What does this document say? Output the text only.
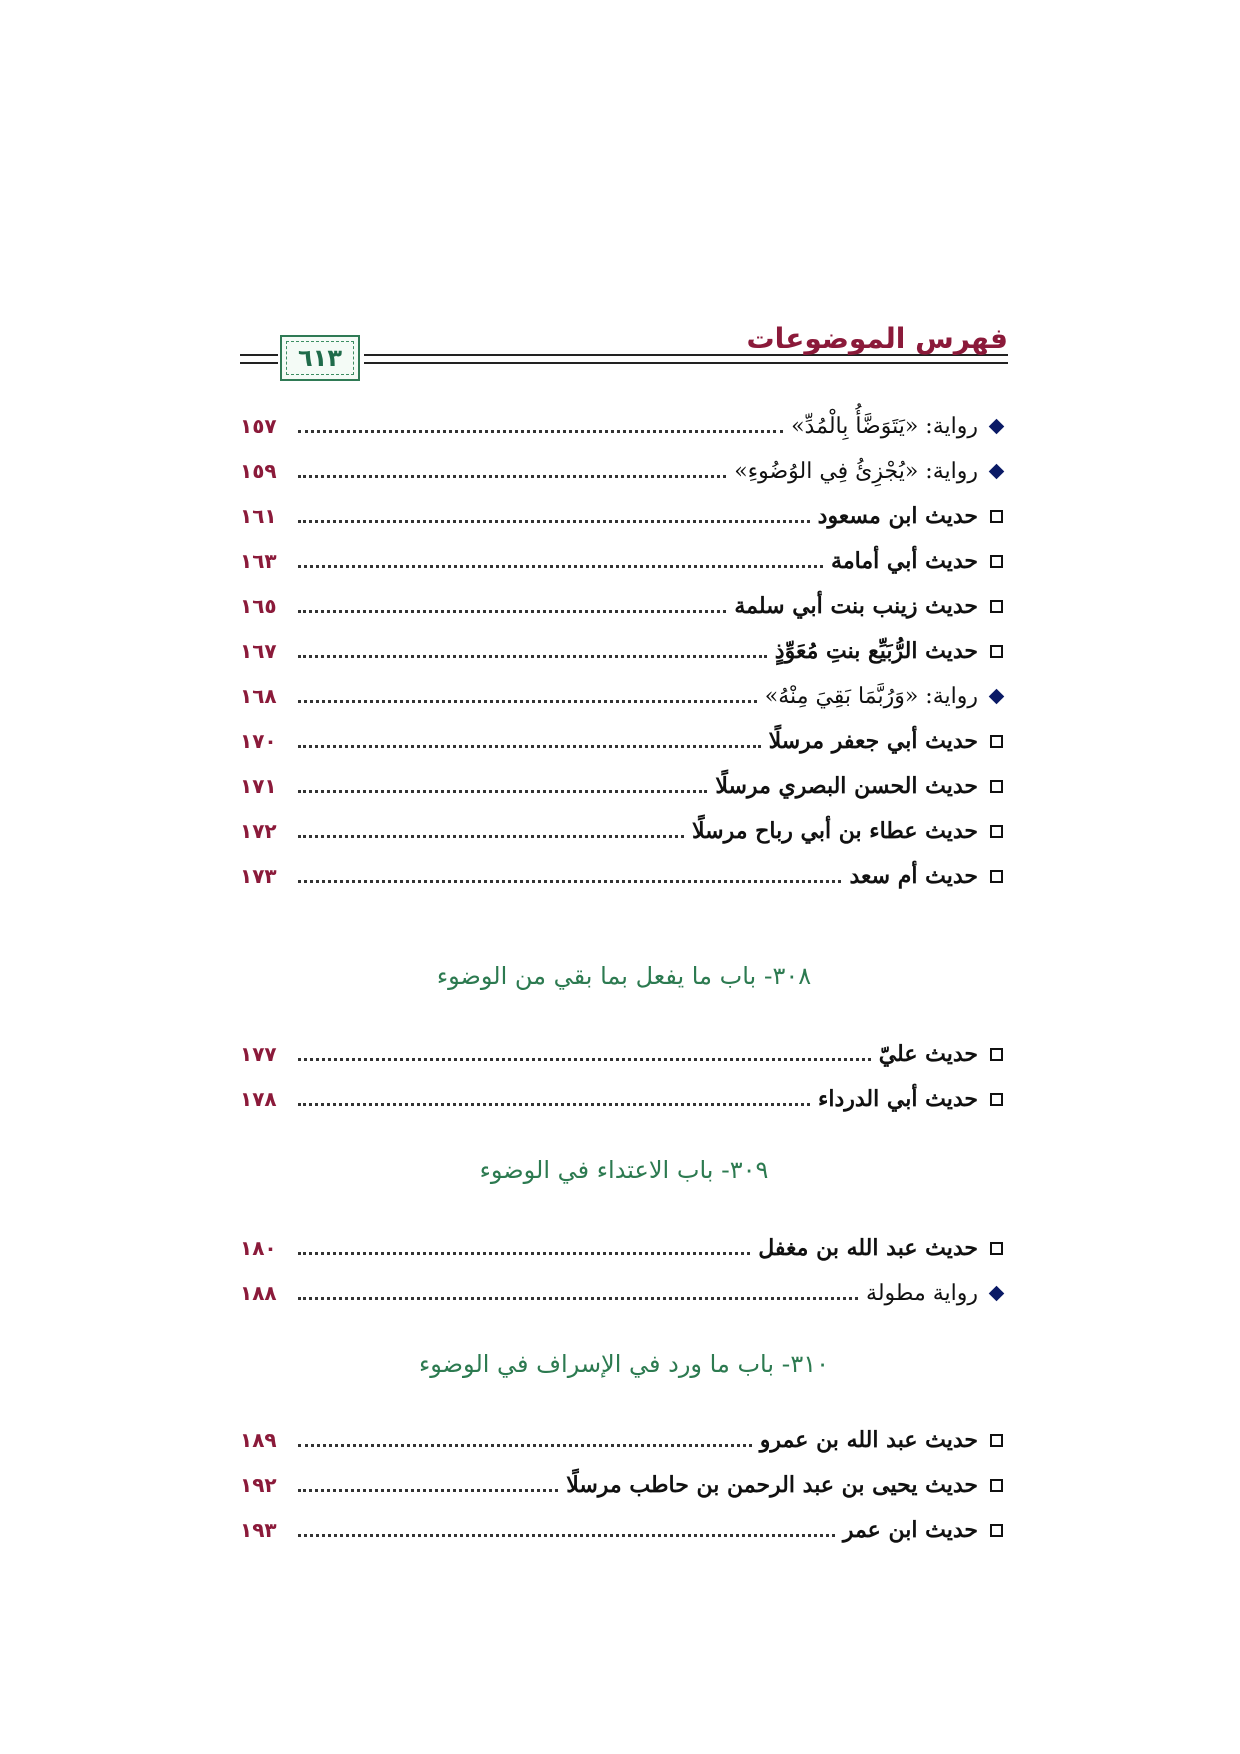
٦١٣
فهرس الموضوعات
رواية: «يَتَوَضَّأُ بِالْمُدِّ»
١٥٧
رواية: «يُجْزِئُ فِي الوُضُوءِ»
١٥٩
حديث ابن مسعود
١٦١
حديث أبي أمامة
١٦٣
حديث زينب بنت أبي سلمة
١٦٥
حديث الرُّبَيِّع بنتِ مُعَوِّذٍ
١٦٧
رواية: «وَرُبَّمَا بَقِيَ مِنْهُ»
١٦٨
حديث أبي جعفر مرسلًا
١٧٠
حديث الحسن البصري مرسلًا
١٧١
حديث عطاء بن أبي رباح مرسلًا
١٧٢
حديث أم سعد
١٧٣
٣٠٨- باب ما يفعل بما بقي من الوضوء
حديث عليّ
١٧٧
حديث أبي الدرداء
١٧٨
٣٠٩- باب الاعتداء في الوضوء
حديث عبد الله بن مغفل
١٨٠
رواية مطولة
١٨٨
٣١٠- باب ما ورد في الإسراف في الوضوء
حديث عبد الله بن عمرو
١٨٩
حديث يحيى بن عبد الرحمن بن حاطب مرسلًا
١٩٢
حديث ابن عمر
١٩٣
